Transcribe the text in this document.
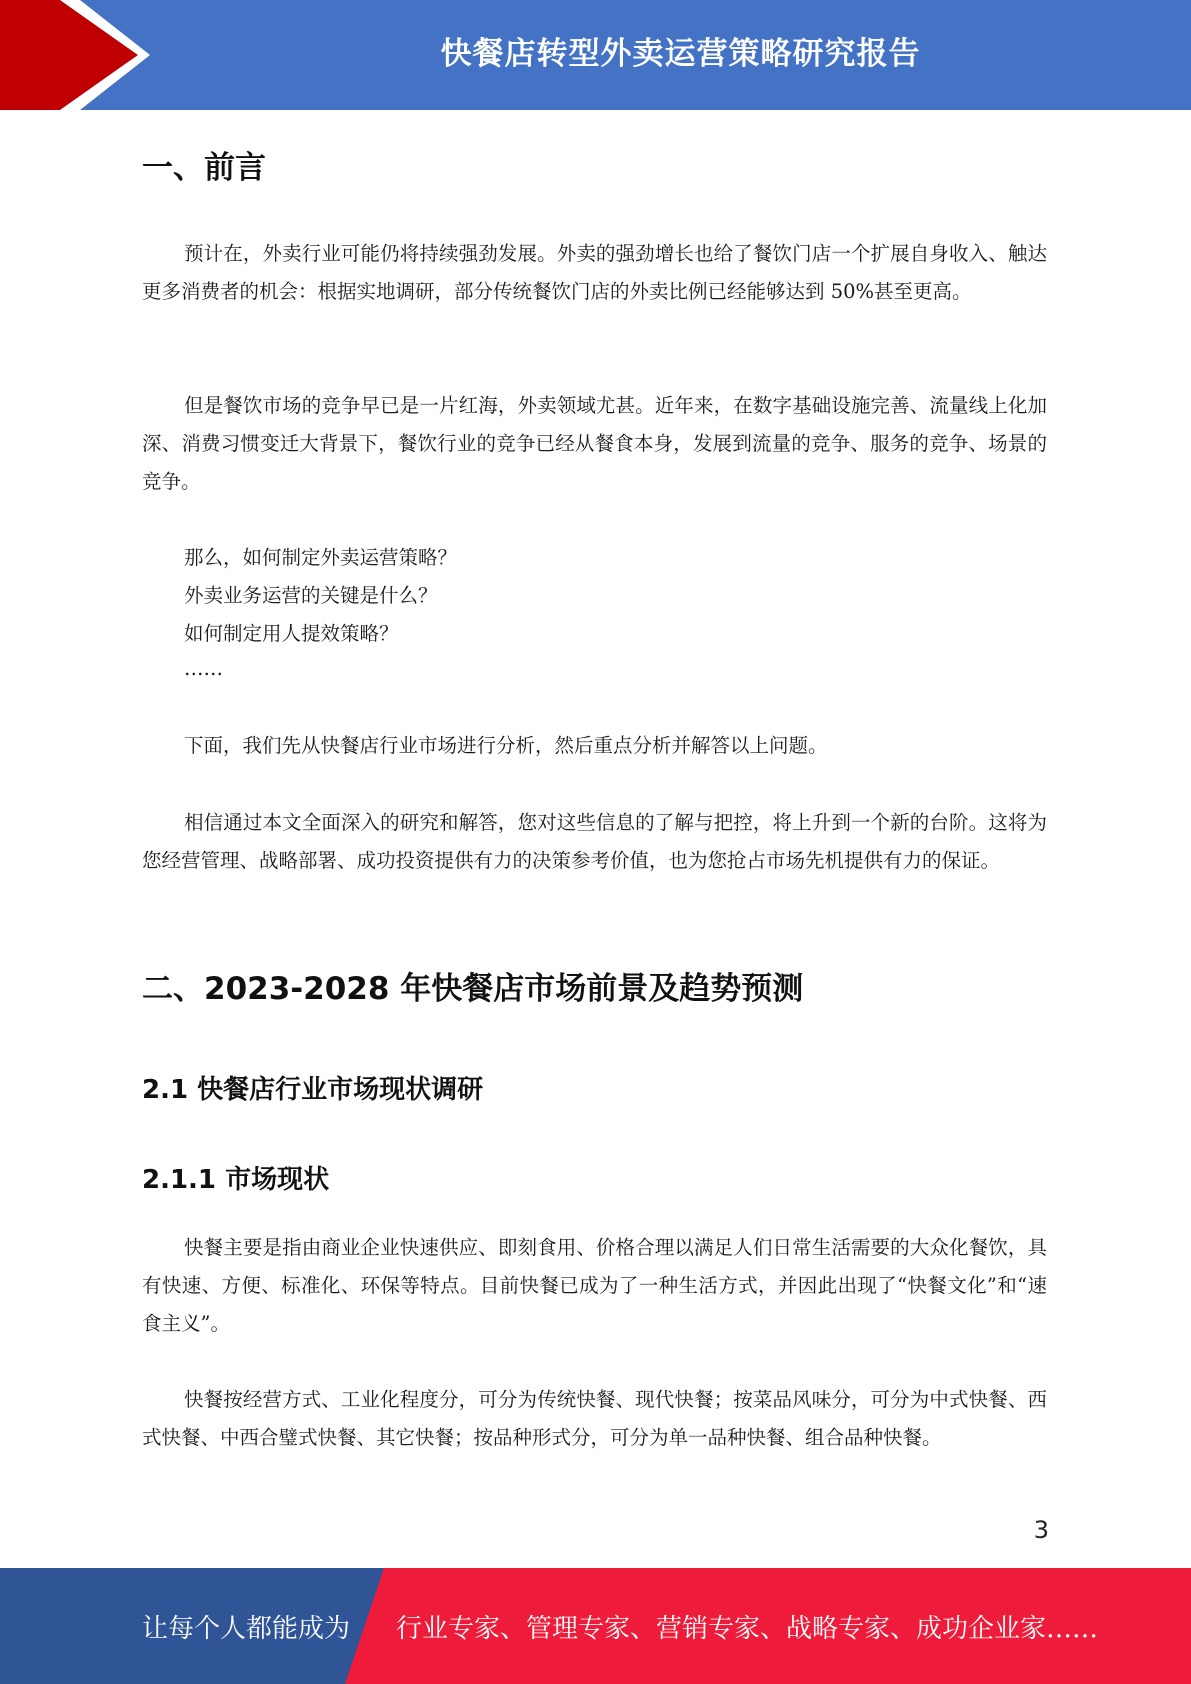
快餐店转型外卖运营策略研究报告
一、前言

预计在，外卖行业可能仍将持续强劲发展。外卖的强劲增长也给了餐饮门店一个扩展自身收入、触达更多消费者的机会：根据实地调研，部分传统餐饮门店的外卖比例已经能够达到 50%甚至更高。

但是餐饮市场的竞争早已是一片红海，外卖领域尤甚。近年来，在数字基础设施完善、流量线上化加深、消费习惯变迁大背景下，餐饮行业的竞争已经从餐食本身，发展到流量的竞争、服务的竞争、场景的竞争。

那么，如何制定外卖运营策略？
外卖业务运营的关键是什么？
如何制定用人提效策略？
……

下面，我们先从快餐店行业市场进行分析，然后重点分析并解答以上问题。

相信通过本文全面深入的研究和解答，您对这些信息的了解与把控，将上升到一个新的台阶。这将为您经营管理、战略部署、成功投资提供有力的决策参考价值，也为您抢占市场先机提供有力的保证。

二、2023-2028 年快餐店市场前景及趋势预测
2.1 快餐店行业市场现状调研
2.1.1 市场现状

快餐主要是指由商业企业快速供应、即刻食用、价格合理以满足人们日常生活需要的大众化餐饮，具有快速、方便、标准化、环保等特点。目前快餐已成为了一种生活方式，并因此出现了“快餐文化”和“速食主义”。

快餐按经营方式、工业化程度分，可分为传统快餐、现代快餐；按菜品风味分，可分为中式快餐、西式快餐、中西合璧式快餐、其它快餐；按品种形式分，可分为单一品种快餐、组合品种快餐。

3
让每个人都能成为 行业专家、管理专家、营销专家、战略专家、成功企业家……
